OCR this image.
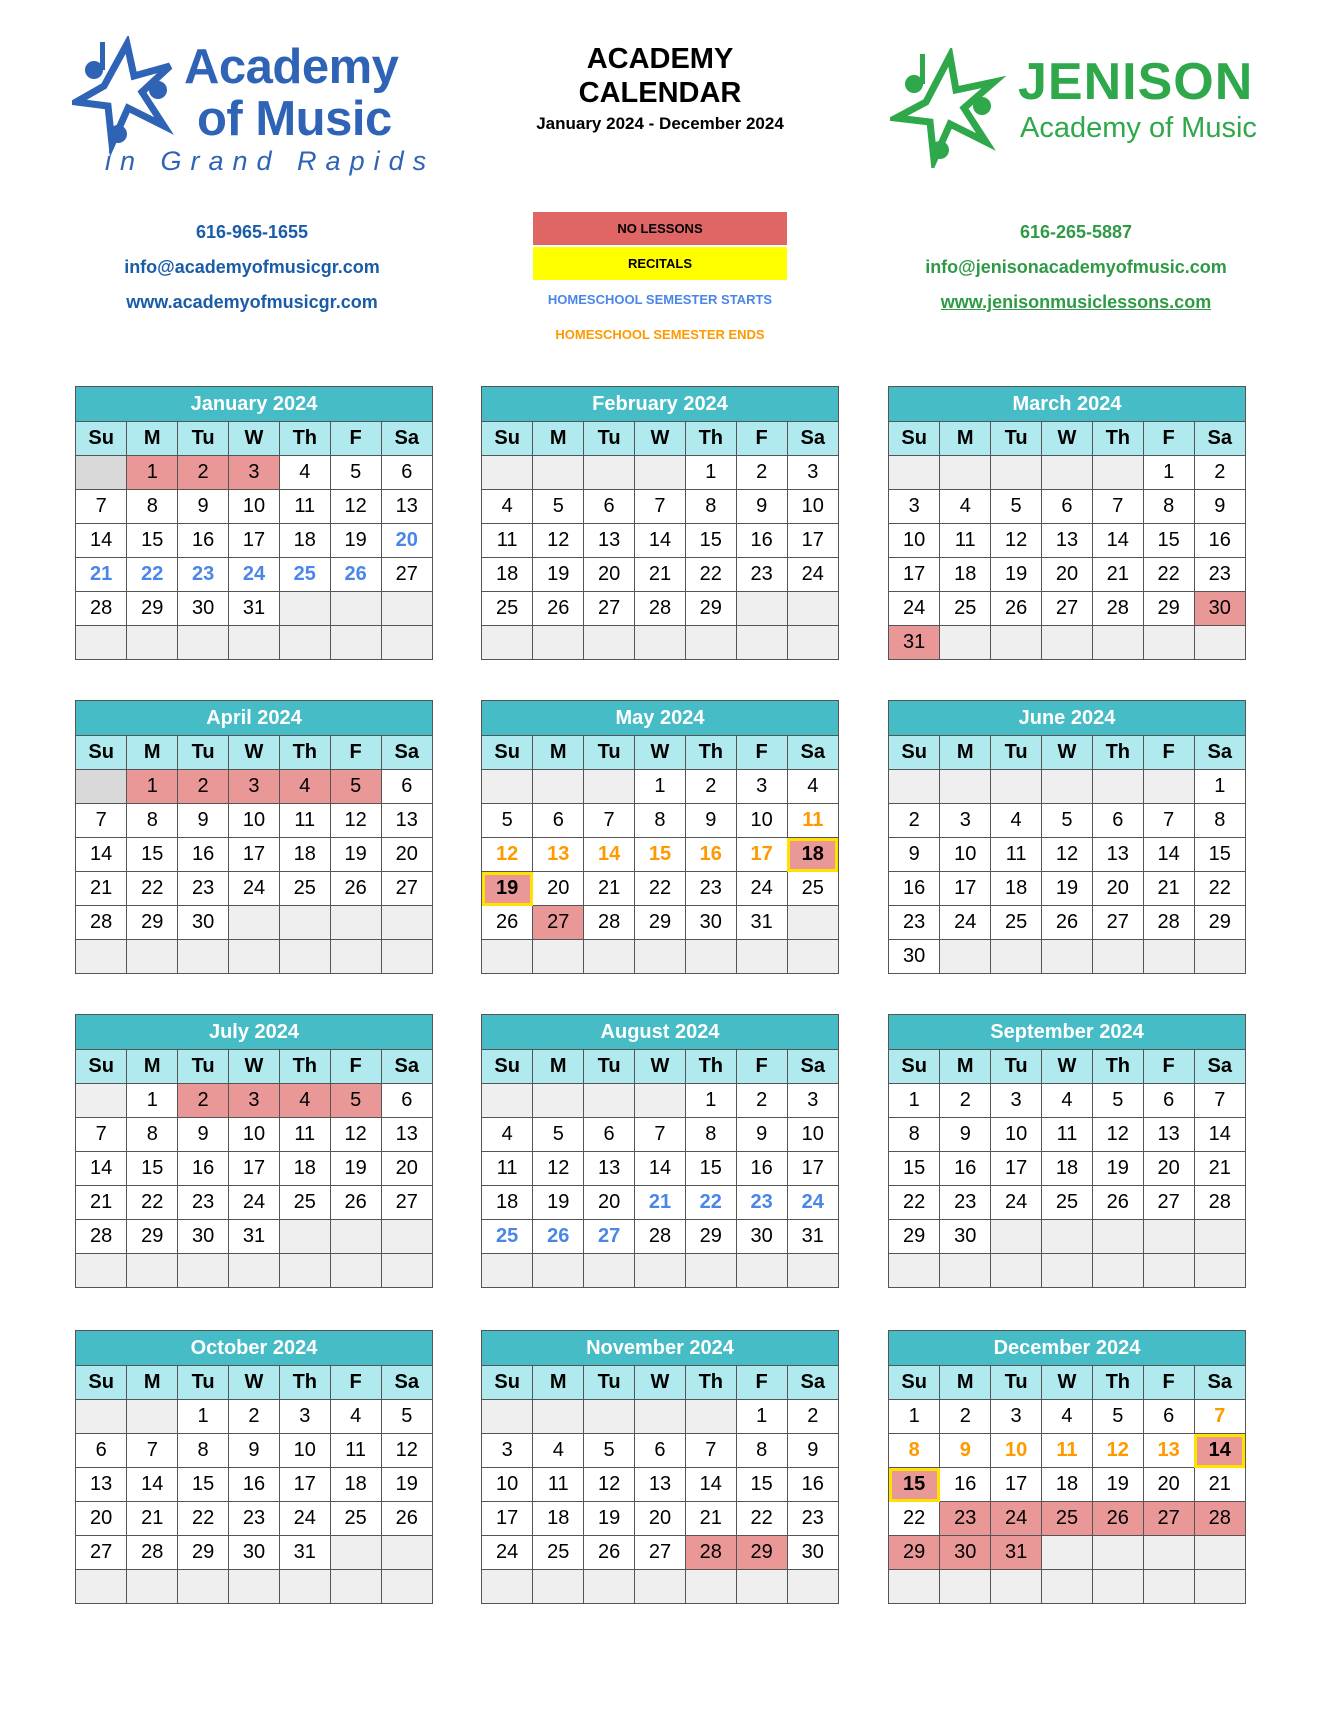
Academy
of Music
in Grand Rapids
ACADEMY
CALENDAR
January 2024 - December 2024
JENISON
Academy of Music
616-965-1655
info@academyofmusicgr.com
www.academyofmusicgr.com
NO LESSONS
RECITALS
HOMESCHOOL SEMESTER STARTS
HOMESCHOOL SEMESTER ENDS
616-265-5887
info@jenisonacademyofmusic.com
www.jenisonmusiclessons.com
January 2024
Su	M	Tu	W	Th	F	Sa
	1	2	3	4	5	6
7	8	9	10	11	12	13
14	15	16	17	18	19	20
21	22	23	24	25	26	27
28	29	30	31			

February 2024
Su	M	Tu	W	Th	F	Sa
				1	2	3
4	5	6	7	8	9	10
11	12	13	14	15	16	17
18	19	20	21	22	23	24
25	26	27	28	29		

March 2024
Su	M	Tu	W	Th	F	Sa
					1	2
3	4	5	6	7	8	9
10	11	12	13	14	15	16
17	18	19	20	21	22	23
24	25	26	27	28	29	30
31						
April 2024
Su	M	Tu	W	Th	F	Sa
	1	2	3	4	5	6
7	8	9	10	11	12	13
14	15	16	17	18	19	20
21	22	23	24	25	26	27
28	29	30				

May 2024
Su	M	Tu	W	Th	F	Sa
			1	2	3	4
5	6	7	8	9	10	11
12	13	14	15	16	17	18
19	20	21	22	23	24	25
26	27	28	29	30	31	

June 2024
Su	M	Tu	W	Th	F	Sa
						1
2	3	4	5	6	7	8
9	10	11	12	13	14	15
16	17	18	19	20	21	22
23	24	25	26	27	28	29
30						
July 2024
Su	M	Tu	W	Th	F	Sa
	1	2	3	4	5	6
7	8	9	10	11	12	13
14	15	16	17	18	19	20
21	22	23	24	25	26	27
28	29	30	31			

August 2024
Su	M	Tu	W	Th	F	Sa
				1	2	3
4	5	6	7	8	9	10
11	12	13	14	15	16	17
18	19	20	21	22	23	24
25	26	27	28	29	30	31

September 2024
Su	M	Tu	W	Th	F	Sa
1	2	3	4	5	6	7
8	9	10	11	12	13	14
15	16	17	18	19	20	21
22	23	24	25	26	27	28
29	30					

October 2024
Su	M	Tu	W	Th	F	Sa
		1	2	3	4	5
6	7	8	9	10	11	12
13	14	15	16	17	18	19
20	21	22	23	24	25	26
27	28	29	30	31		

November 2024
Su	M	Tu	W	Th	F	Sa
					1	2
3	4	5	6	7	8	9
10	11	12	13	14	15	16
17	18	19	20	21	22	23
24	25	26	27	28	29	30

December 2024
Su	M	Tu	W	Th	F	Sa
1	2	3	4	5	6	7
8	9	10	11	12	13	14
15	16	17	18	19	20	21
22	23	24	25	26	27	28
29	30	31				
